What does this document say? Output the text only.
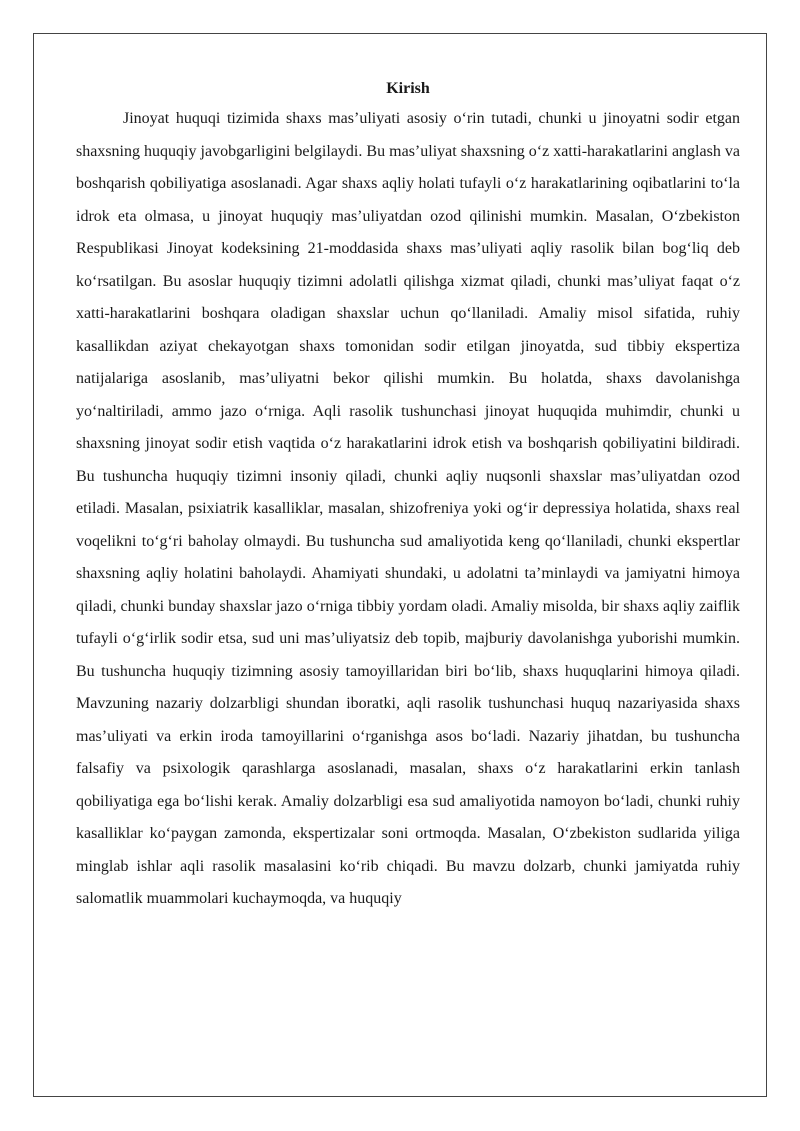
Kirish

Jinoyat huquqi tizimida shaxs mas’uliyati asosiy o‘rin tutadi, chunki u jinoyatni sodir etgan shaxsning huquqiy javobgarligini belgilaydi. Bu mas’uliyat shaxsning o‘z xatti-harakatlarini anglash va boshqarish qobiliyatiga asoslanadi. Agar shaxs aqliy holati tufayli o‘z harakatlarining oqibatlarini to‘la idrok eta olmasa, u jinoyat huquqiy mas’uliyatdan ozod qilinishi mumkin. Masalan, O‘zbekiston Respublikasi Jinoyat kodeksining 21-moddasida shaxs mas’uliyati aqliy rasolik bilan bog‘liq deb ko‘rsatilgan. Bu asoslar huquqiy tizimni adolatli qilishga xizmat qiladi, chunki mas’uliyat faqat o‘z xatti-harakatlarini boshqara oladigan shaxslar uchun qo‘llaniladi. Amaliy misol sifatida, ruhiy kasallikdan aziyat chekayotgan shaxs tomonidan sodir etilgan jinoyatda, sud tibbiy ekspertiza natijalariga asoslanib, mas’uliyatni bekor qilishi mumkin. Bu holatda, shaxs davolanishga yo‘naltiriladi, ammo jazo o‘rniga. Aqli rasolik tushunchasi jinoyat huquqida muhimdir, chunki u shaxsning jinoyat sodir etish vaqtida o‘z harakatlarini idrok etish va boshqarish qobiliyatini bildiradi. Bu tushuncha huquqiy tizimni insoniy qiladi, chunki aqliy nuqsonli shaxslar mas’uliyatdan ozod etiladi. Masalan, psixiatrik kasalliklar, masalan, shizofreniya yoki og‘ir depressiya holatida, shaxs real voqelikni to‘g‘ri baholay olmaydi. Bu tushuncha sud amaliyotida keng qo‘llaniladi, chunki ekspertlar shaxsning aqliy holatini baholaydi. Ahamiyati shundaki, u adolatni ta’minlaydi va jamiyatni himoya qiladi, chunki bunday shaxslar jazo o‘rniga tibbiy yordam oladi. Amaliy misolda, bir shaxs aqliy zaiflik tufayli o‘g‘irlik sodir etsa, sud uni mas’uliyatsiz deb topib, majburiy davolanishga yuborishi mumkin. Bu tushuncha huquqiy tizimning asosiy tamoyillaridan biri bo‘lib, shaxs huquqlarini himoya qiladi. Mavzuning nazariy dolzarbligi shundan iboratki, aqli rasolik tushunchasi huquq nazariyasida shaxs mas’uliyati va erkin iroda tamoyillarini o‘rganishga asos bo‘ladi. Nazariy jihatdan, bu tushuncha falsafiy va psixologik qarashlarga asoslanadi, masalan, shaxs o‘z harakatlarini erkin tanlash qobiliyatiga ega bo‘lishi kerak. Amaliy dolzarbligi esa sud amaliyotida namoyon bo‘ladi, chunki ruhiy kasalliklar ko‘paygan zamonda, ekspertizalar soni ortmoqda. Masalan, O‘zbekiston sudlarida yiliga minglab ishlar aqli rasolik masalasini ko‘rib chiqadi. Bu mavzu dolzarb, chunki jamiyatda ruhiy salomatlik muammolari kuchaymoqda, va huquqiy
